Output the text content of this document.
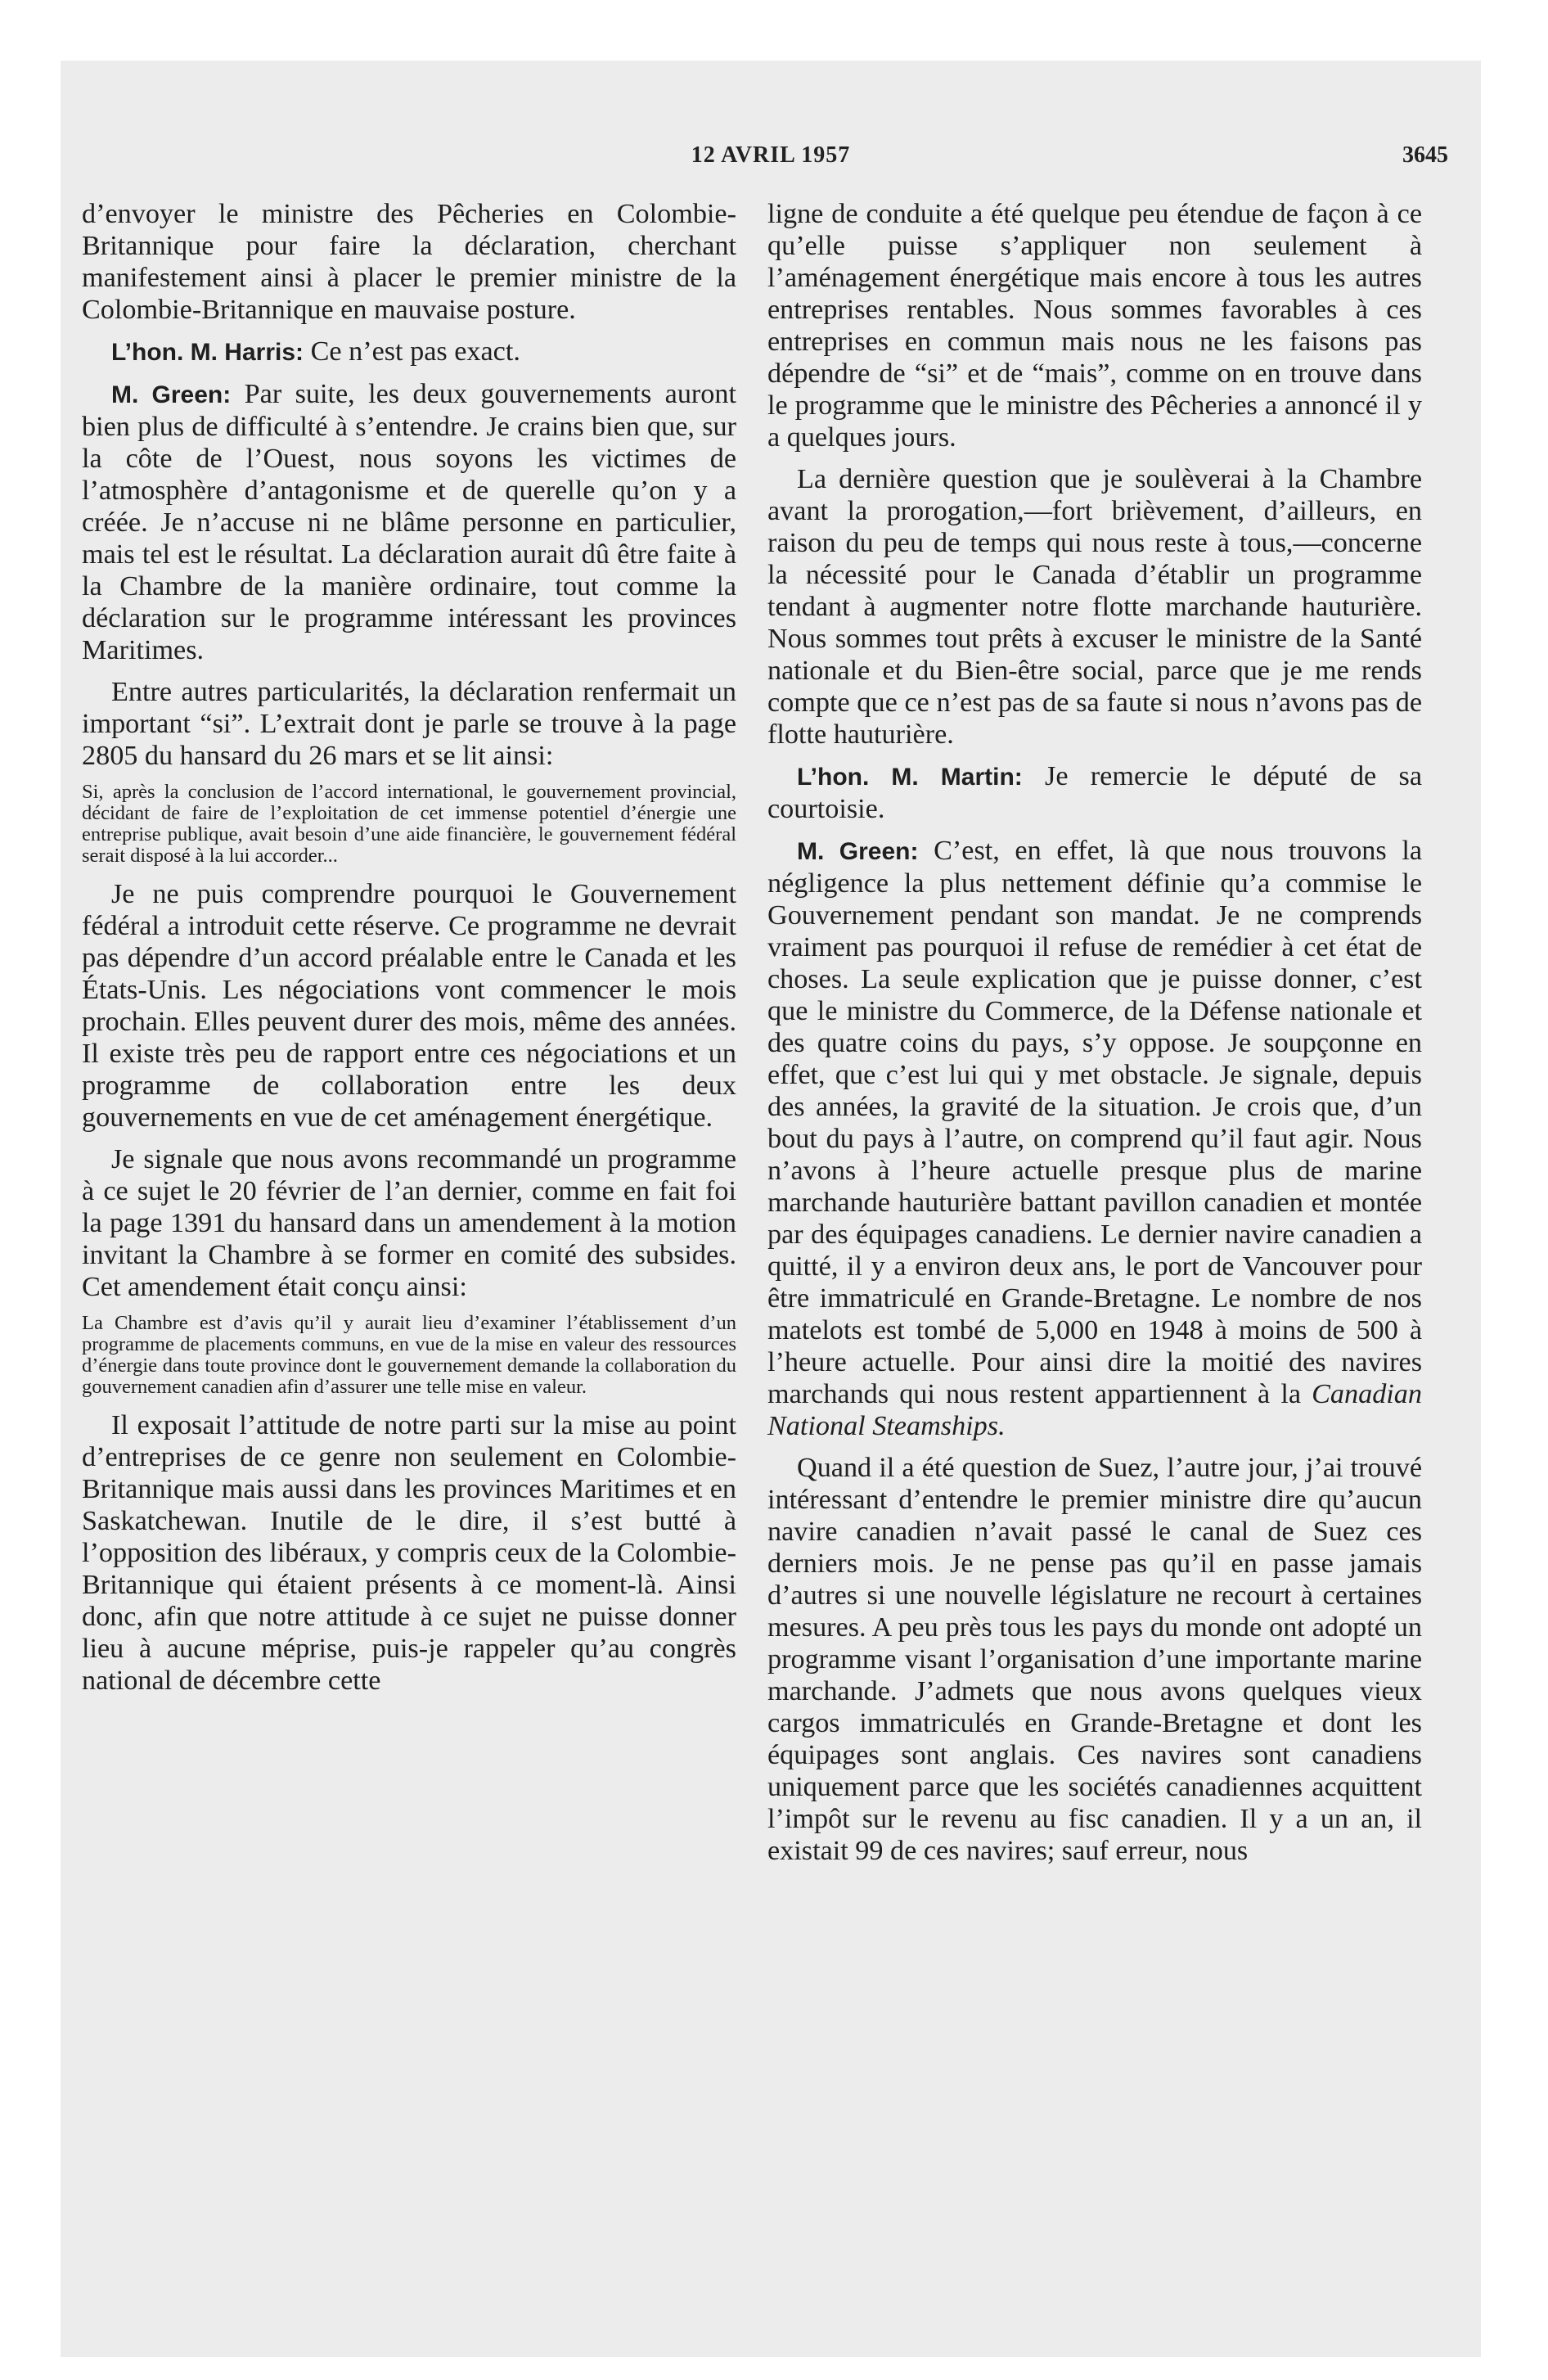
12 AVRIL 1957	3645

d’envoyer le ministre des Pêcheries en Colombie-Britannique pour faire la déclaration, cherchant manifestement ainsi à placer le premier ministre de la Colombie-Britannique en mauvaise posture.

L’hon. M. Harris: Ce n’est pas exact.

M. Green: Par suite, les deux gouvernements auront bien plus de difficulté à s’entendre. Je crains bien que, sur la côte de l’Ouest, nous soyons les victimes de l’atmosphère d’antagonisme et de querelle qu’on y a créée. Je n’accuse ni ne blâme personne en particulier, mais tel est le résultat. La déclaration aurait dû être faite à la Chambre de la manière ordinaire, tout comme la déclaration sur le programme intéressant les provinces Maritimes.

Entre autres particularités, la déclaration renfermait un important “si”. L’extrait dont je parle se trouve à la page 2805 du hansard du 26 mars et se lit ainsi:

Si, après la conclusion de l’accord international, le gouvernement provincial, décidant de faire de l’exploitation de cet immense potentiel d’énergie une entreprise publique, avait besoin d’une aide financière, le gouvernement fédéral serait disposé à la lui accorder...

Je ne puis comprendre pourquoi le Gouvernement fédéral a introduit cette réserve. Ce programme ne devrait pas dépendre d’un accord préalable entre le Canada et les États-Unis. Les négociations vont commencer le mois prochain. Elles peuvent durer des mois, même des années. Il existe très peu de rapport entre ces négociations et un programme de collaboration entre les deux gouvernements en vue de cet aménagement énergétique.

Je signale que nous avons recommandé un programme à ce sujet le 20 février de l’an dernier, comme en fait foi la page 1391 du hansard dans un amendement à la motion invitant la Chambre à se former en comité des subsides. Cet amendement était conçu ainsi:

La Chambre est d’avis qu’il y aurait lieu d’examiner l’établissement d’un programme de placements communs, en vue de la mise en valeur des ressources d’énergie dans toute province dont le gouvernement demande la collaboration du gouvernement canadien afin d’assurer une telle mise en valeur.

Il exposait l’attitude de notre parti sur la mise au point d’entreprises de ce genre non seulement en Colombie-Britannique mais aussi dans les provinces Maritimes et en Saskatchewan. Inutile de le dire, il s’est butté à l’opposition des libéraux, y compris ceux de la Colombie-Britannique qui étaient présents à ce moment-là. Ainsi donc, afin que notre attitude à ce sujet ne puisse donner lieu à aucune méprise, puis-je rappeler qu’au congrès national de décembre cette

ligne de conduite a été quelque peu étendue de façon à ce qu’elle puisse s’appliquer non seulement à l’aménagement énergétique mais encore à tous les autres entreprises rentables. Nous sommes favorables à ces entreprises en commun mais nous ne les faisons pas dépendre de “si” et de “mais”, comme on en trouve dans le programme que le ministre des Pêcheries a annoncé il y a quelques jours.

La dernière question que je soulèverai à la Chambre avant la prorogation,—fort brièvement, d’ailleurs, en raison du peu de temps qui nous reste à tous,—concerne la nécessité pour le Canada d’établir un programme tendant à augmenter notre flotte marchande hauturière. Nous sommes tout prêts à excuser le ministre de la Santé nationale et du Bien-être social, parce que je me rends compte que ce n’est pas de sa faute si nous n’avons pas de flotte hauturière.

L’hon. M. Martin: Je remercie le député de sa courtoisie.

M. Green: C’est, en effet, là que nous trouvons la négligence la plus nettement définie qu’a commise le Gouvernement pendant son mandat. Je ne comprends vraiment pas pourquoi il refuse de remédier à cet état de choses. La seule explication que je puisse donner, c’est que le ministre du Commerce, de la Défense nationale et des quatre coins du pays, s’y oppose. Je soupçonne en effet, que c’est lui qui y met obstacle. Je signale, depuis des années, la gravité de la situation. Je crois que, d’un bout du pays à l’autre, on comprend qu’il faut agir. Nous n’avons à l’heure actuelle presque plus de marine marchande hauturière battant pavillon canadien et montée par des équipages canadiens. Le dernier navire canadien a quitté, il y a environ deux ans, le port de Vancouver pour être immatriculé en Grande-Bretagne. Le nombre de nos matelots est tombé de 5,000 en 1948 à moins de 500 à l’heure actuelle. Pour ainsi dire la moitié des navires marchands qui nous restent appartiennent à la Canadian National Steamships.

Quand il a été question de Suez, l’autre jour, j’ai trouvé intéressant d’entendre le premier ministre dire qu’aucun navire canadien n’avait passé le canal de Suez ces derniers mois. Je ne pense pas qu’il en passe jamais d’autres si une nouvelle législature ne recourt à certaines mesures. A peu près tous les pays du monde ont adopté un programme visant l’organisation d’une importante marine marchande. J’admets que nous avons quelques vieux cargos immatriculés en Grande-Bretagne et dont les équipages sont anglais. Ces navires sont canadiens uniquement parce que les sociétés canadiennes acquittent l’impôt sur le revenu au fisc canadien. Il y a un an, il existait 99 de ces navires; sauf erreur, nous
